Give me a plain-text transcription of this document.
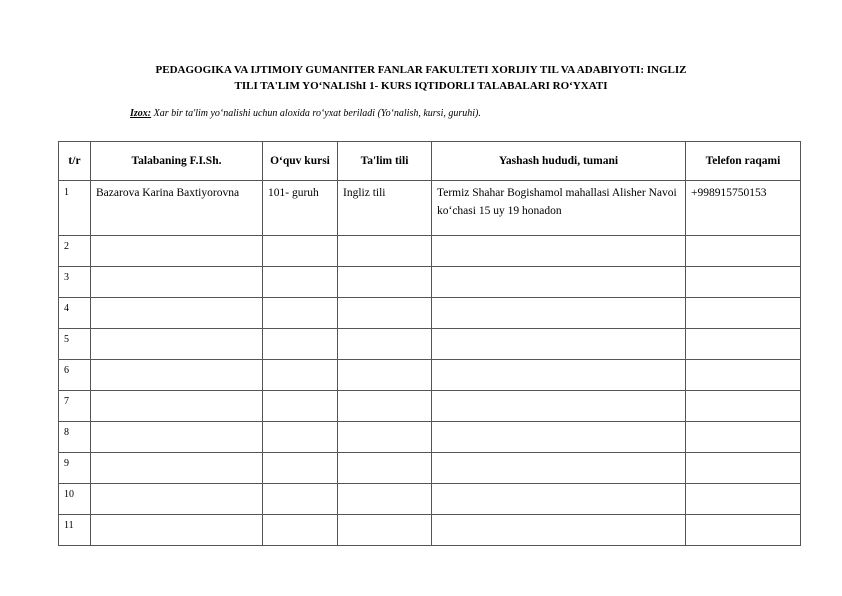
PEDAGOGIKA VA IJTIMOIY GUMANITER FANLAR FAKULTETI XORIJIY TIL VA ADABIYOTI: INGLIZ
TILI TA'LIM YO‘NALIShI 1- KURS IQTIDORLI TALABALARI RO‘YXATI
Izox: Xar bir ta'lim yo‘nalishi uchun aloxida ro‘yxat beriladi (Yo‘nalish, kursi, guruhi).
t/r	Talabaning F.I.Sh.	O‘quv kursi	Ta'lim tili	Yashash hududi, tumani	Telefon raqami
1	Bazarova Karina Baxtiyorovna	101- guruh	Ingliz tili	Termiz Shahar Bogishamol mahallasi Alisher Navoi koʻchasi 15 uy 19 honadon	+998915750153
2					
3					
4					
5					
6					
7					
8					
9					
10					
11					
